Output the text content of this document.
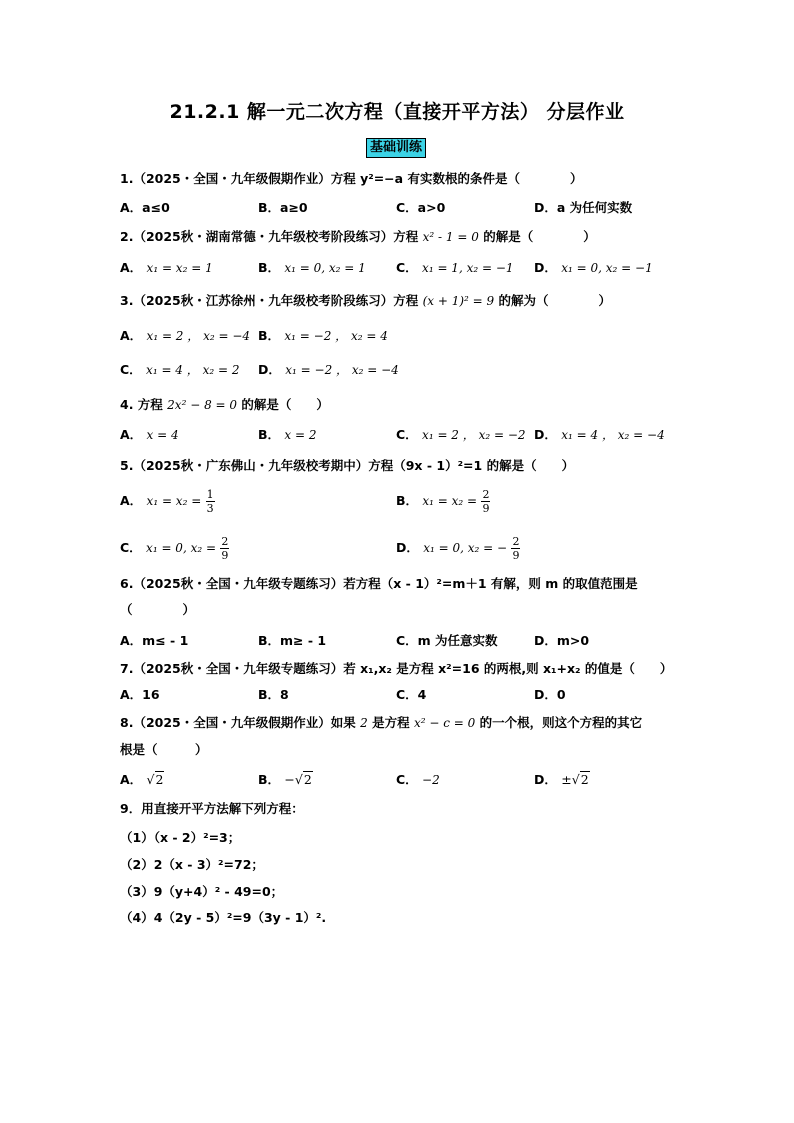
21.2.1 解一元二次方程（直接开平方法） 分层作业
基础训练
1.（2025・全国・九年级假期作业）方程 y²=−a 有实数根的条件是（　　　　）
A．a≤0	B．a≥0	C．a>0	D．a 为任何实数
2.（2025秋・湖南常德・九年级校考阶段练习）方程 x² - 1 = 0 的解是（　　　　）
A． x₁ = x₂ = 1	B． x₁ = 0, x₂ = 1 C． x₁ = 1, x₂ = −1 D． x₁ = 0, x₂ = −1
3.（2025秋・江苏徐州・九年级校考阶段练习）方程 (x + 1)² = 9 的解为（　　　　）
A． x₁ = 2 ， x₂ = −4 B． x₁ = −2 ， x₂ = 4
C． x₁ = 4 ， x₂ = 2 D． x₁ = −2 ， x₂ = −4
4. 方程 2x² − 8 = 0 的解是（　　）
A． x = 4	B． x = 2	C． x₁ = 2 ， x₂ = −2 D． x₁ = 4 ， x₂ = −4
5.（2025秋・广东佛山・九年级校考期中）方程（9x - 1）²=1 的解是（　　）
A． $x_1 = x_2 = \frac{1}{3}$	B． $x_1 = x_2 = \frac{2}{9}$
C． x₁ = 0, $x_2 = \frac{2}{9}$	D． x₁ = 0, x₂ = − $\frac{2}{9}$
6.（2025秋・全国・九年级专题练习）若方程（x - 1）²=m＋1 有解，则 m 的取值范围是
（　　　　）
A．m≤ - 1	B．m≥ - 1	C．m 为任意实数	D．m>0
7.（2025秋・全国・九年级专题练习）若 x₁,x₂ 是方程 x²=16 的两根,则 x₁+x₂ 的值是（　　）
A．16	B．8	C．4	D．0
8.（2025・全国・九年级假期作业）如果 2 是方程 x² − c = 0 的一个根，则这个方程的其它
根是（　　　）
A． √2	B． −√2	C． −2	D． ±√2
9．用直接开平方法解下列方程：
（1）（x - 2）²=3；
（2）2（x - 3）²=72；
（3）9（y+4）² - 49=0；
（4）4（2y - 5）²=9（3y - 1）².
